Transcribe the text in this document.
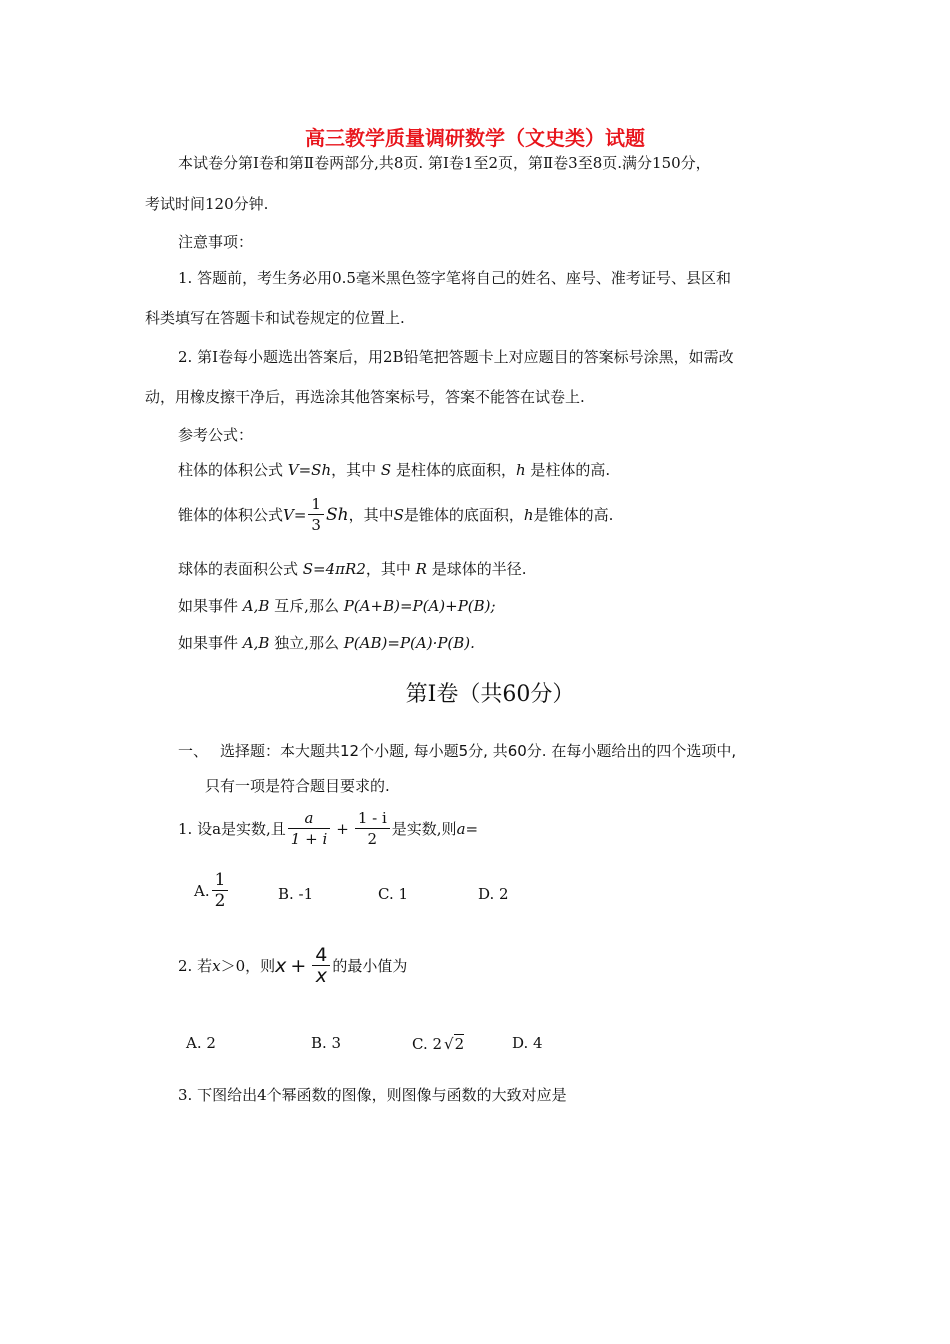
高三教学质量调研数学（文史类）试题
本试卷分第Ⅰ卷和第Ⅱ卷两部分,共8页. 第Ⅰ卷1至2页，第Ⅱ卷3至8页.满分150分，
考试时间120分钟.
注意事项：
1. 答题前，考生务必用0.5毫米黑色签字笔将自己的姓名、座号、准考证号、县区和
科类填写在答题卡和试卷规定的位置上.
2. 第Ⅰ卷每小题选出答案后，用2B铅笔把答题卡上对应题目的答案标号涂黑，如需改
动，用橡皮擦干净后，再选涂其他答案标号，答案不能答在试卷上.
参考公式：
柱体的体积公式 V=Sh，其中 S 是柱体的底面积，h 是柱体的高.
锥体的体积公式 $V= \frac{1}{3}$ Sh ，其中 S 是锥体的底面积， h 是锥体的高.
球体的表面积公式 S=4πR2，其中 R 是球体的半径.
如果事件 A,B 互斥,那么 P(A+B)=P(A)+P(B);
如果事件 A,B 独立,那么 P(AB)=P(A)·P(B).
第Ⅰ卷（共60分）
一、 选择题：本大题共12个小题, 每小题5分, 共60分. 在每小题给出的四个选项中,
只有一项是符合题目要求的.
1. 设a是实数,且 $\frac{a}{1 + i} + \frac{1 - i}{2}$ 是实数,则 a =
A. $\frac{1}{2}$	B. -1	C. 1	D. 2
2. 若 x ＞0，则 $x + \frac{4}{x}$ 的最小值为
A. 2	B. 3	C. 2 √2	D. 4
3. 下图给出4个幂函数的图像，则图像与函数的大致对应是
